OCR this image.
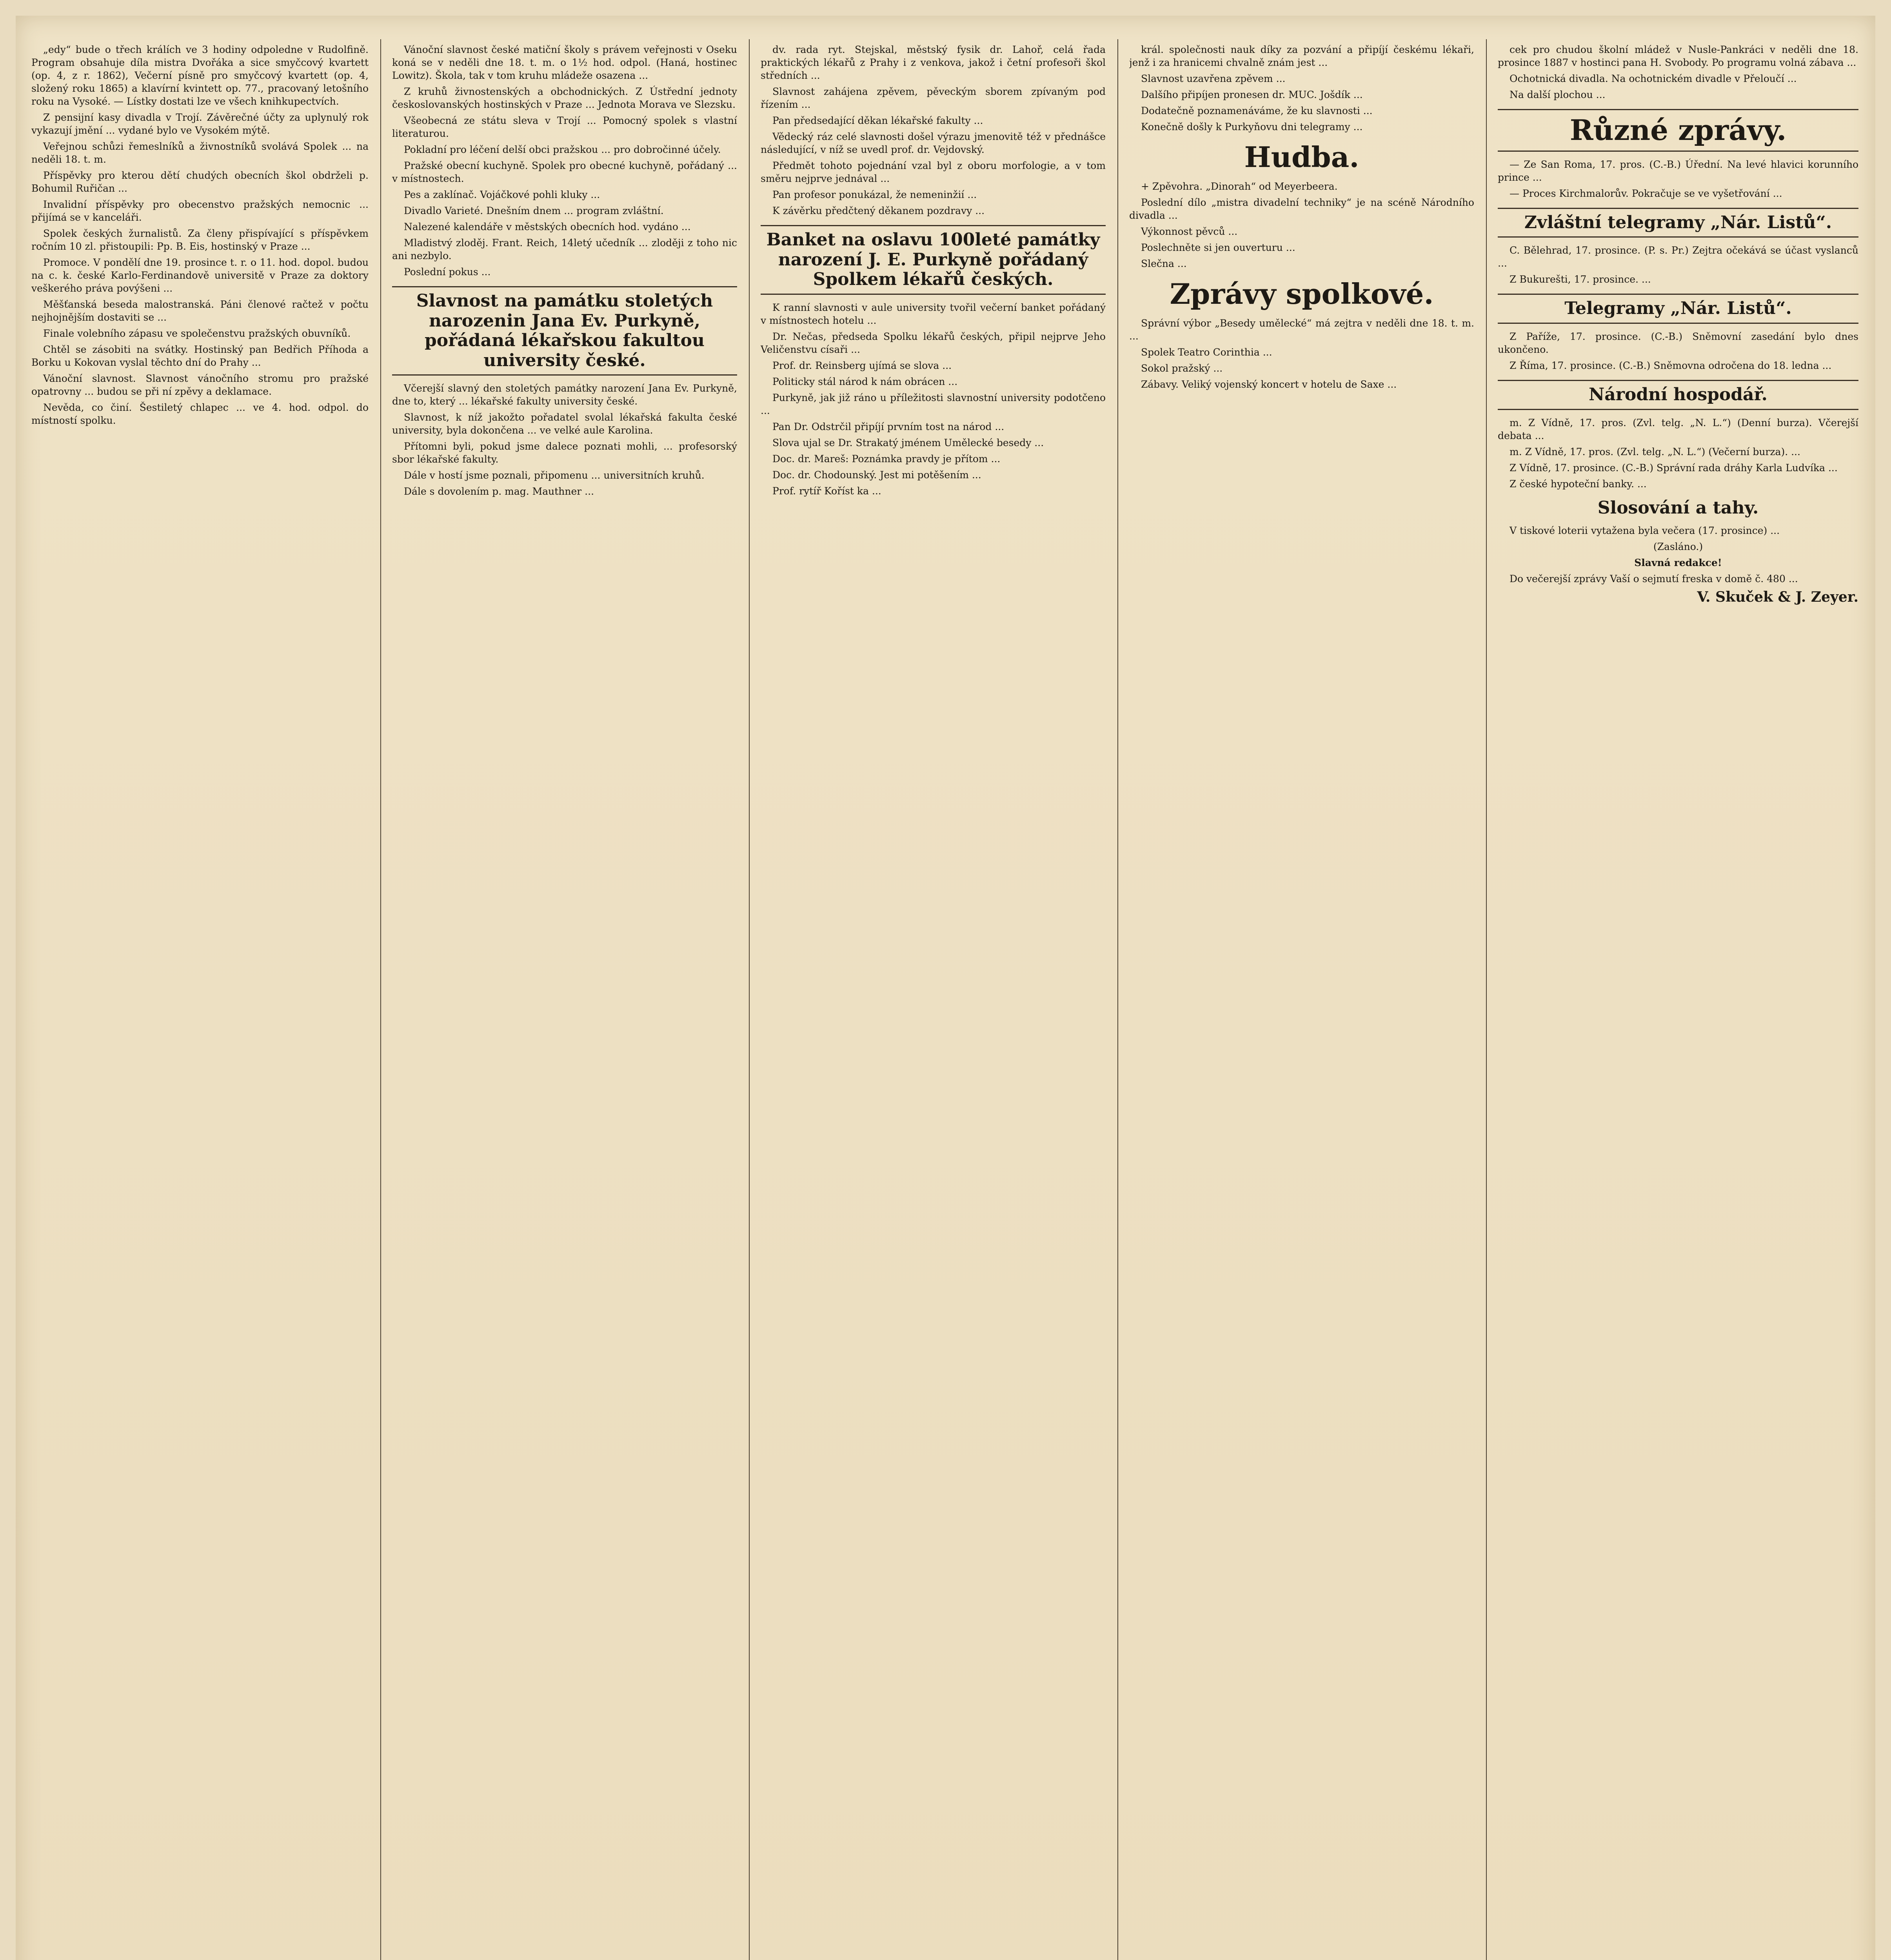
„edy“ bude o třech králích ve 3 hodiny odpoledne v Rudolfině. Program obsahuje díla mistra Dvořáka a sice smyčcový kvartett (op. 4, z r. 1862), Večerní písně pro smyčcový kvartett (op. 4, složený roku 1865) a klavírní kvintett op. 77., pracovaný letošního roku na Vysoké. — Lístky dostati lze ve všech knihkupectvích.

Z pensijní kasy divadla v Trojí. Závěrečné účty za uplynulý rok vykazují jmění ... vydané bylo ve Vysokém mýtě.

Veřejnou schůzi řemeslníků a živnostníků svolává Spolek ... na neděli 18. t. m.

Příspěvky pro kterou dětí chudých obecních škol obdrželi p. Bohumil Ruřičan ...

Invalidní příspěvky pro obecenstvo pražských nemocnic ... přijímá se v kanceláři.

Spolek českých žurnalistů. Za členy přispívající s příspěvkem ročním 10 zl. přistoupili: Pp. B. Eis, hostinský v Praze ...

Promoce. V pondělí dne 19. prosince t. r. o 11. hod. dopol. budou na c. k. české Karlo-Ferdinandově universitě v Praze za doktory veškerého práva povýšeni ...

Měšťanská beseda malostranská. Páni členové račtež v počtu nejhojnějším dostaviti se ...

Finale volebního zápasu ve společenstvu pražských obuvníků.

Chtěl se zásobiti na svátky. Hostinský pan Bedřich Příhoda a Borku u Kokovan vyslal těchto dní do Prahy ...

Vánoční slavnost. Slavnost vánočního stromu pro pražské opatrovny ... budou se při ní zpěvy a deklamace.

Nevěda, co činí. Šestiletý chlapec ... ve 4. hod. odpol. do místností spolku.

Vánoční slavnost české matiční školy s právem veřejnosti v Oseku koná se v neděli dne 18. t. m. o 1½ hod. odpol. (Haná, hostinec Lowitz). Škola, tak v tom kruhu mládeže osazena ...

Z kruhů živnostenských a obchodnických. Z Ústřední jednoty českoslovanských hostinských v Praze ... Jednota Morava ve Slezsku.

Všeobecná ze státu sleva v Trojí ... Pomocný spolek s vlastní literaturou.

Pokladní pro léčení delší obci pražskou ... pro dobročinné účely.

Pražské obecní kuchyně. Spolek pro obecné kuchyně, pořádaný ... v místnostech.

Pes a zaklínač. Vojáčkové pohli kluky ...

Divadlo Varieté. Dnešním dnem ... program zvláštní.

Nalezené kalendáře v městských obecních hod. vydáno ...

Mladistvý zloděj. Frant. Reich, 14letý učedník ... zloději z toho nic ani nezbylo.

Poslední pokus ...

Slavnost na památku stoletých narozenin Jana Ev. Purkyně, pořádaná lékařskou fakultou university české.

Včerejší slavný den stoletých památky narození Jana Ev. Purkyně, dne to, který ... lékařské fakulty university české.

Slavnost, k níž jakožto pořadatel svolal lékařská fakulta české university, byla dokončena ... ve velké aule Karolina.

Přítomni byli, pokud jsme dalece poznati mohli, ... profesorský sbor lékařské fakulty.

Dále v hostí jsme poznali, připomenu ... universitních kruhů.

Dále s dovolením p. mag. Mauthner ...

dv. rada ryt. Stejskal, městský fysik dr. Lahoř, celá řada praktických lékařů z Prahy i z venkova, jakož i četní profesoři škol středních ...

Slavnost zahájena zpěvem, pěveckým sborem zpívaným pod řízením ...

Pan předsedající děkan lékařské fakulty ...

Vědecký ráz celé slavnosti došel výrazu jmenovitě též v přednášce následující, v níž se uvedl prof. dr. Vejdovský.

Předmět tohoto pojednání vzal byl z oboru morfologie, a v tom směru nejprve jednával ...

Pan profesor ponukázal, že nemeninžií ...

K závěrku předčtený děkanem pozdravy ...

Banket na oslavu 100leté památky narození J. E. Purkyně pořádaný Spolkem lékařů českých.

K ranní slavnosti v aule university tvořil večerní banket pořádaný v místnostech hotelu ...

Dr. Nečas, předseda Spolku lékařů českých, připil nejprve Jeho Veličenstvu císaři ...

Prof. dr. Reinsberg ujímá se slova ...

Politicky stál národ k nám obrácen ...

Purkyně, jak již ráno u příležitosti slavnostní university podotčeno ...

Pan Dr. Odstrčil připíjí prvním tost na národ ...

Slova ujal se Dr. Strakatý jménem Umělecké besedy ...

Doc. dr. Mareš: Poznámka pravdy je přítom ...

Doc. dr. Chodounský. Jest mi potěšením ...

Prof. rytíř Koříst ka ...

král. společnosti nauk díky za pozvání a připíjí českému lékaři, jenž i za hranicemi chvalně znám jest ...

Slavnost uzavřena zpěvem ...

Dalšího připíjen pronesen dr. MUC. Jošdík ...

Dodatečně poznamenáváme, že ku slavnosti ...

Konečně došly k Purkyňovu dni telegramy ...

Hudba.

+ Zpěvohra. „Dinorah“ od Meyerbeera.

Poslední dílo „mistra divadelní techniky“ je na scéně Národního divadla ...

Výkonnost pěvců ...

Poslechněte si jen ouverturu ...

Slečna ...

Zprávy spolkové.

Správní výbor „Besedy umělecké“ má zejtra v neděli dne 18. t. m. ...

Spolek Teatro Corinthia ...

Sokol pražský ...

Zábavy. Veliký vojenský koncert v hotelu de Saxe ...

cek pro chudou školní mládež v Nusle-Pankráci v neděli dne 18. prosince 1887 v hostinci pana H. Svobody. Po programu volná zábava ...

Ochotnická divadla. Na ochotnickém divadle v Přeloučí ...

Na další plochou ...

Různé zprávy.

— Ze San Roma, 17. pros. (C.-B.) Úřední. Na levé hlavici korunního prince ...

— Proces Kirchmalorův. Pokračuje se ve vyšetřování ...

Zvláštní telegramy „Nár. Listů“.

C. Bělehrad, 17. prosince. (P. s. Pr.) Zejtra očekává se účast vyslanců ...

Z Bukurešti, 17. prosince. ...

Telegramy „Nár. Listů“.

Z Paříže, 17. prosince. (C.-B.) Sněmovní zasedání bylo dnes ukončeno.

Z Říma, 17. prosince. (C.-B.) Sněmovna odročena do 18. ledna ...

Národní hospodář.

m. Z Vídně, 17. pros. (Zvl. telg. „N. L.“) (Denní burza). Včerejší debata ...

m. Z Vídně, 17. pros. (Zvl. telg. „N. L.“) (Večerní burza). ...

Z Vídně, 17. prosince. (C.-B.) Správní rada dráhy Karla Ludvíka ...

Z české hypoteční banky. ...

Slosování a tahy.

V tiskové loterii vytažena byla večera (17. prosince) ...

(Zasláno.)

Slavná redakce!

Do večerejší zprávy Vaší o sejmutí freska v domě č. 480 ...

V. Skuček & J. Zeyer.
